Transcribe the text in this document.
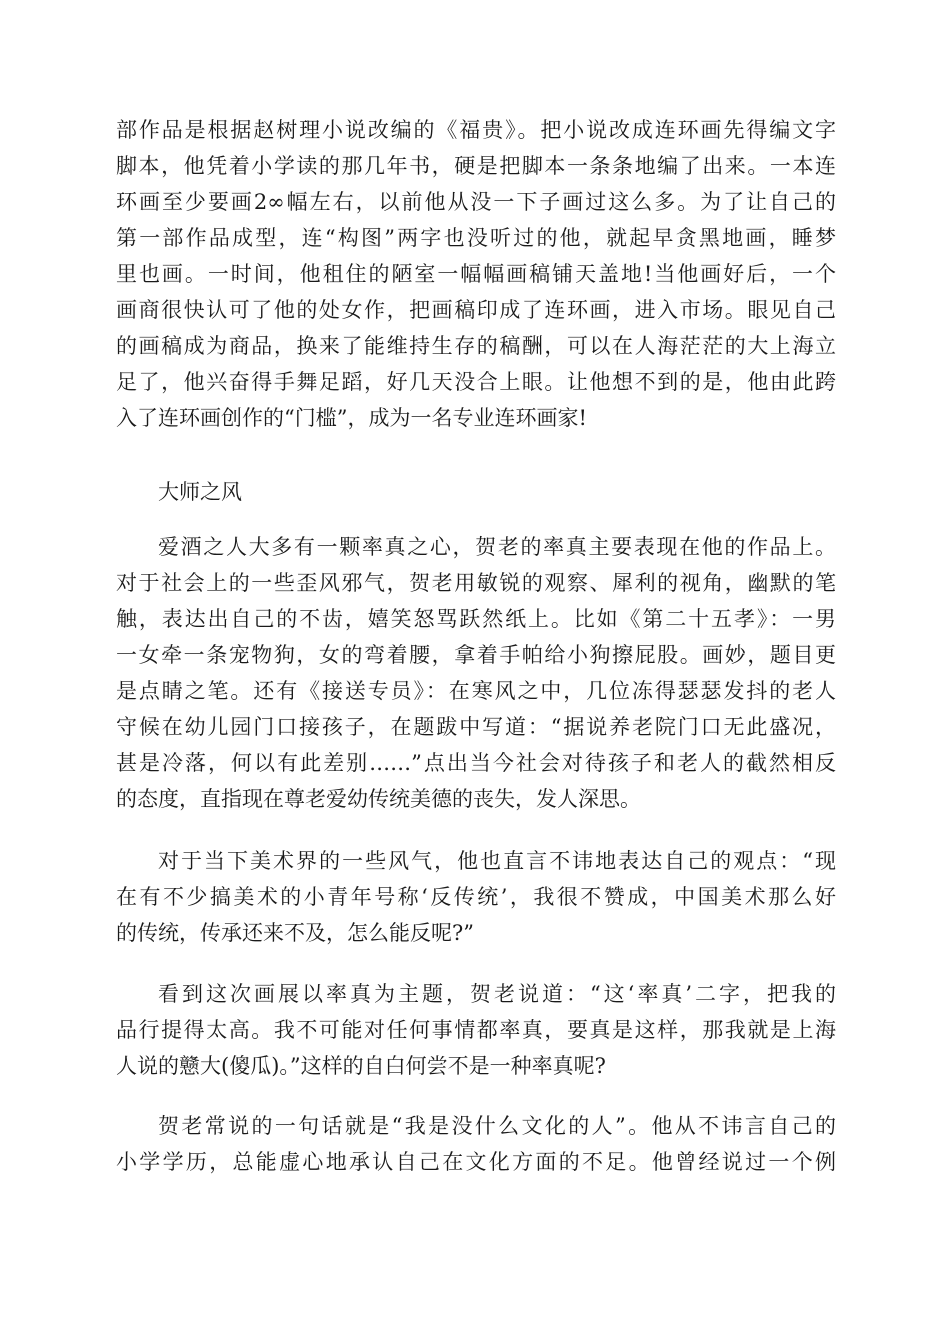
部作品是根据赵树理小说改编的《福贵》。把小说改成连环画先得编文字
脚本，他凭着小学读的那几年书，硬是把脚本一条条地编了出来。一本连
环画至少要画2∞幅左右，以前他从没一下子画过这么多。为了让自己的
第一部作品成型，连“构图”两字也没听过的他，就起早贪黑地画，睡梦
里也画。一时间，他租住的陋室一幅幅画稿铺天盖地!当他画好后，一个
画商很快认可了他的处女作，把画稿印成了连环画，进入市场。眼见自己
的画稿成为商品，换来了能维持生存的稿酬，可以在人海茫茫的大上海立
足了，他兴奋得手舞足蹈，好几天没合上眼。让他想不到的是，他由此跨
入了连环画创作的“门槛”，成为一名专业连环画家!
大师之风
爱酒之人大多有一颗率真之心，贺老的率真主要表现在他的作品上。
对于社会上的一些歪风邪气，贺老用敏锐的观察、犀利的视角，幽默的笔
触，表达出自己的不齿，嬉笑怒骂跃然纸上。比如《第二十五孝》：一男
一女牵一条宠物狗，女的弯着腰，拿着手帕给小狗擦屁股。画妙，题目更
是点睛之笔。还有《接送专员》：在寒风之中，几位冻得瑟瑟发抖的老人
守候在幼儿园门口接孩子，在题跋中写道：“据说养老院门口无此盛况，
甚是冷落，何以有此差别……”点出当今社会对待孩子和老人的截然相反
的态度，直指现在尊老爱幼传统美德的丧失，发人深思。
对于当下美术界的一些风气，他也直言不讳地表达自己的观点：“现
在有不少搞美术的小青年号称‘反传统’，我很不赞成，中国美术那么好
的传统，传承还来不及，怎么能反呢?”
看到这次画展以率真为主题，贺老说道：“这‘率真’二字，把我的
品行提得太高。我不可能对任何事情都率真，要真是这样，那我就是上海
人说的戆大(傻瓜)。”这样的自白何尝不是一种率真呢?
贺老常说的一句话就是“我是没什么文化的人”。他从不讳言自己的
小学学历，总能虚心地承认自己在文化方面的不足。他曾经说过一个例
